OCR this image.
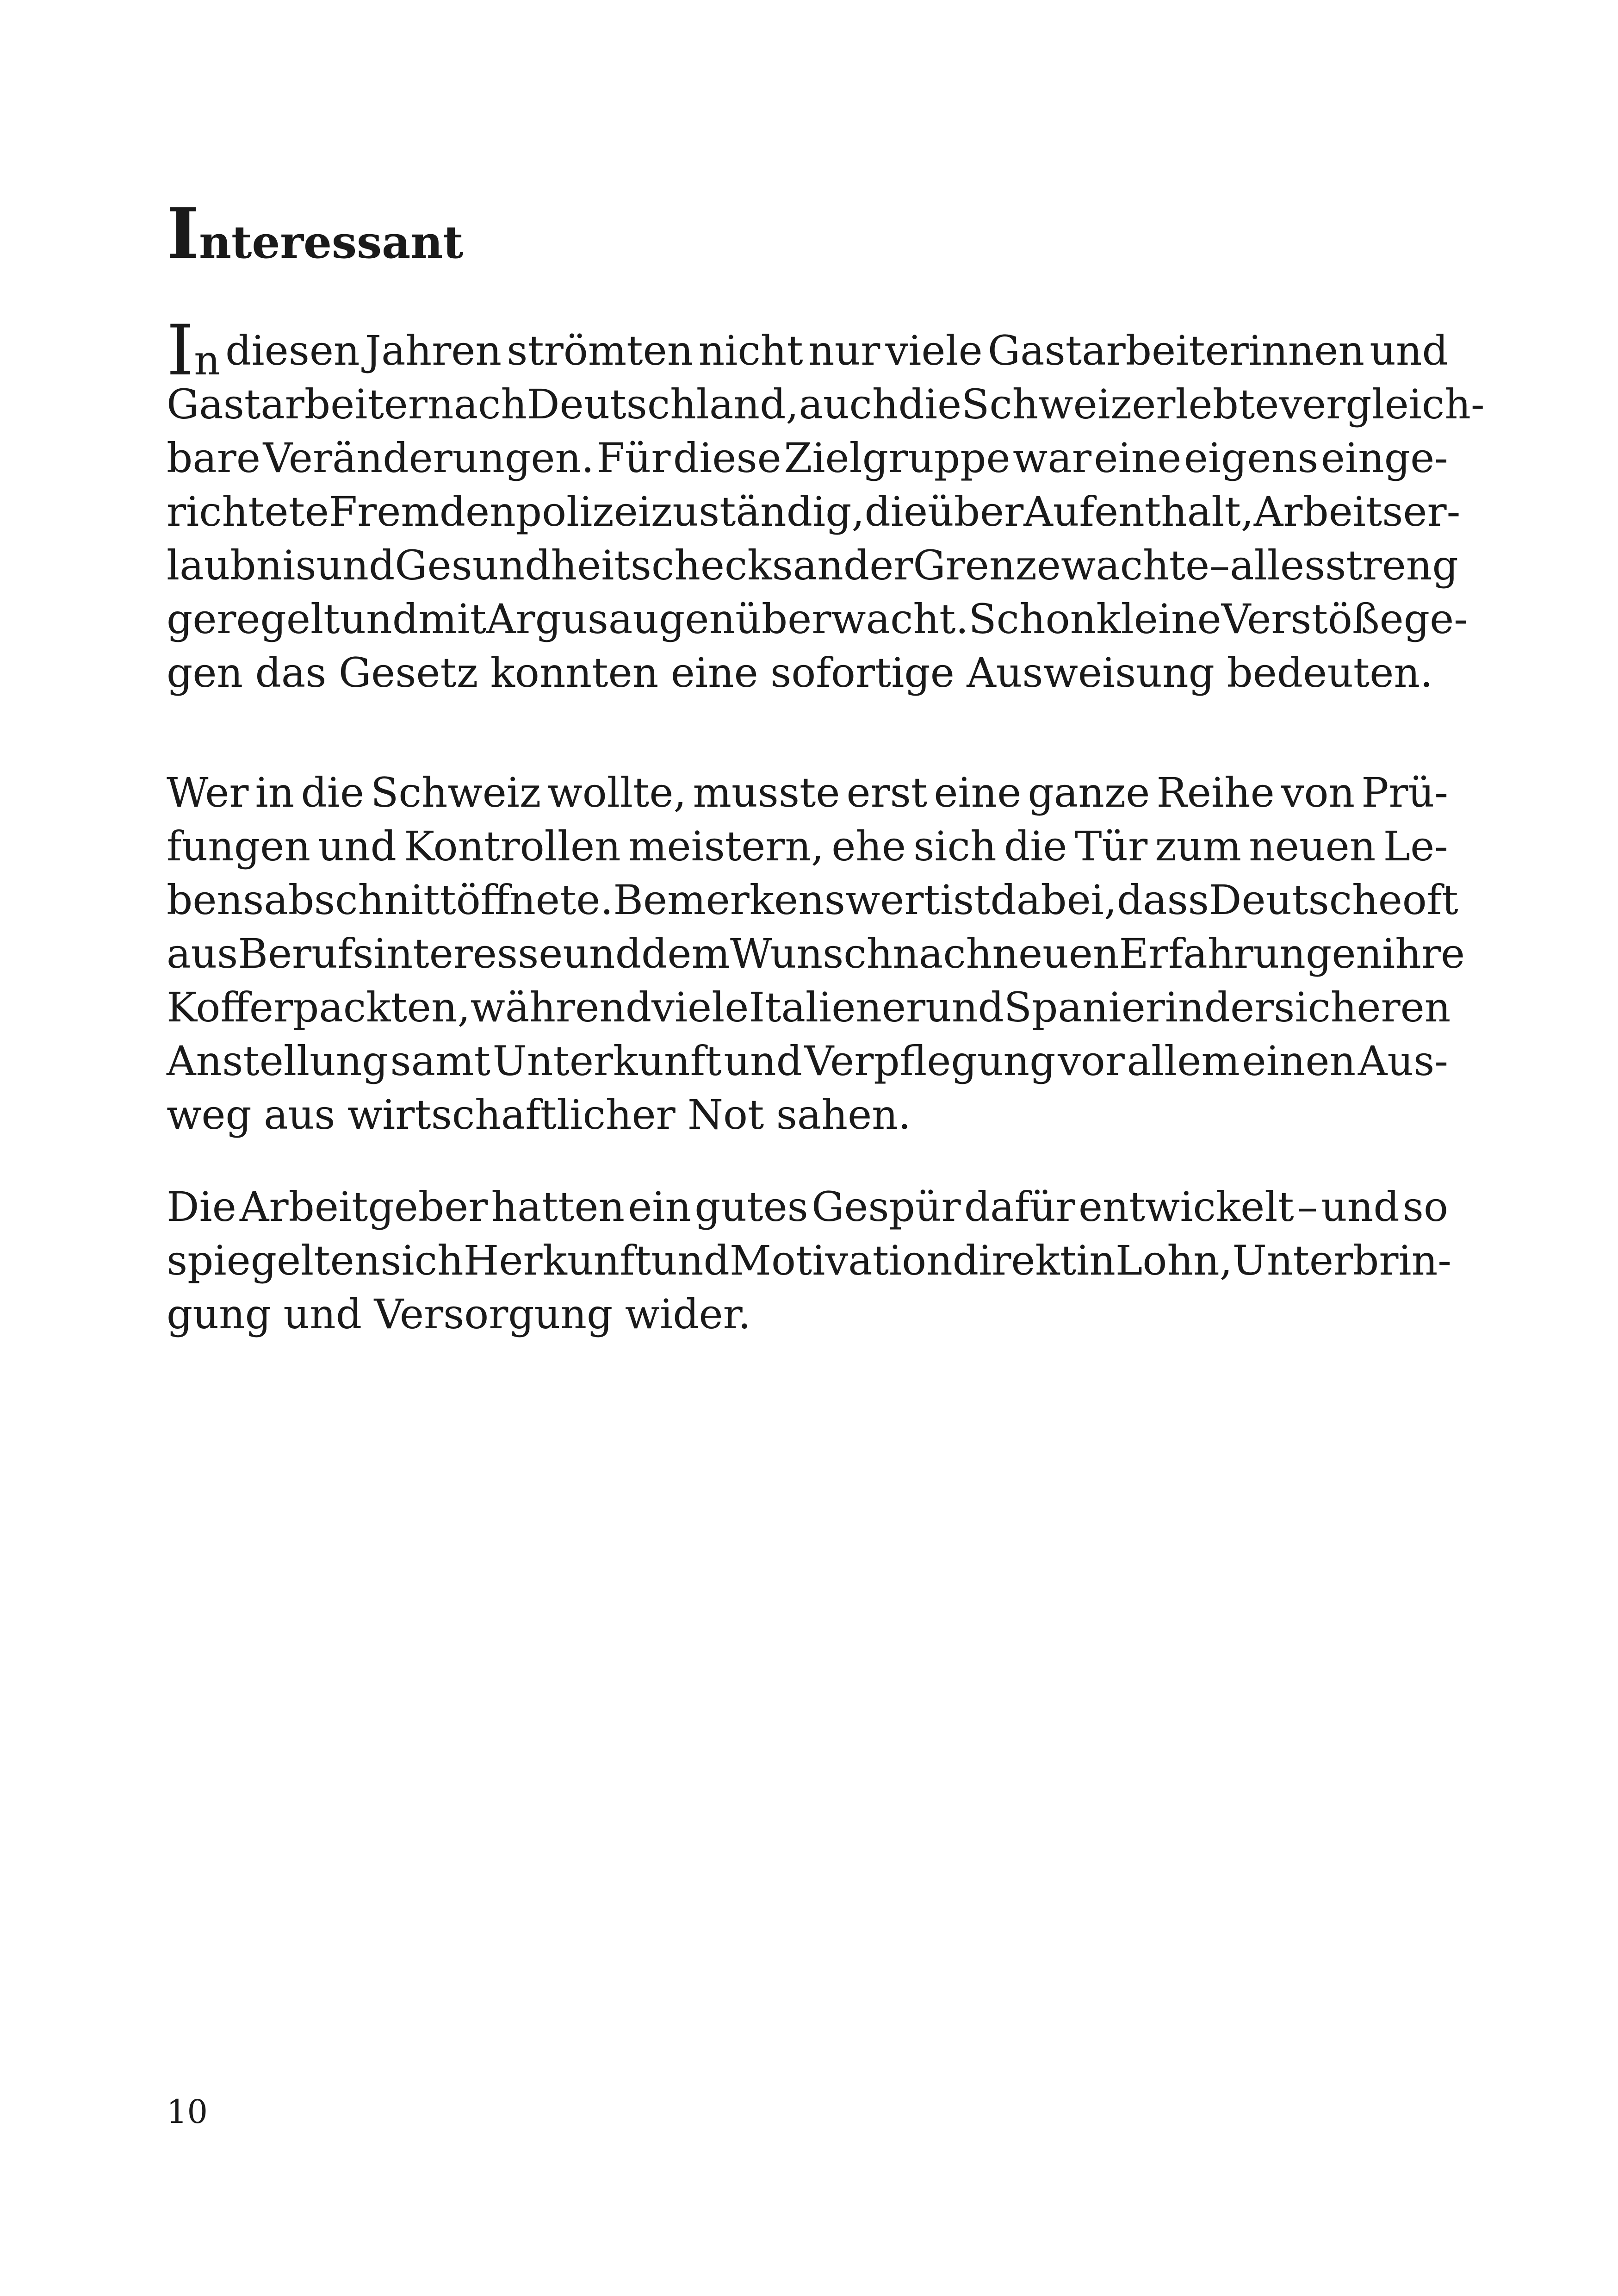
Interessant
In diesen Jahren strömten nicht nur viele Gastarbeiterinnen und
Gastarbeiter nach Deutschland, auch die Schweiz erlebte vergleich-
bare Veränderungen. Für diese Zielgruppe war eine eigens einge-
richtete Fremdenpolizei zuständig, die über Aufenthalt, Arbeitser-
laubnis und Gesundheitschecks an der Grenze wachte – alles streng
geregelt und mit Argusaugen überwacht. Schon kleine Verstöße ge-
gen das Gesetz konnten eine sofortige Ausweisung bedeuten.
Wer in die Schweiz wollte, musste erst eine ganze Reihe von Prü-
fungen und Kontrollen meistern, ehe sich die Tür zum neuen Le-
bensabschnitt öffnete. Bemerkenswert ist dabei, dass Deutsche oft
aus Berufsinteresse und dem Wunsch nach neuen Erfahrungen ihre
Koffer packten, während viele Italiener und Spanier in der sicheren
Anstellung samt Unterkunft und Verpflegung vor allem einen Aus-
weg aus wirtschaftlicher Not sahen.
Die Arbeitgeber hatten ein gutes Gespür dafür entwickelt – und so
spiegelten sich Herkunft und Motivation direkt in Lohn, Unterbrin-
gung und Versorgung wider.
10
